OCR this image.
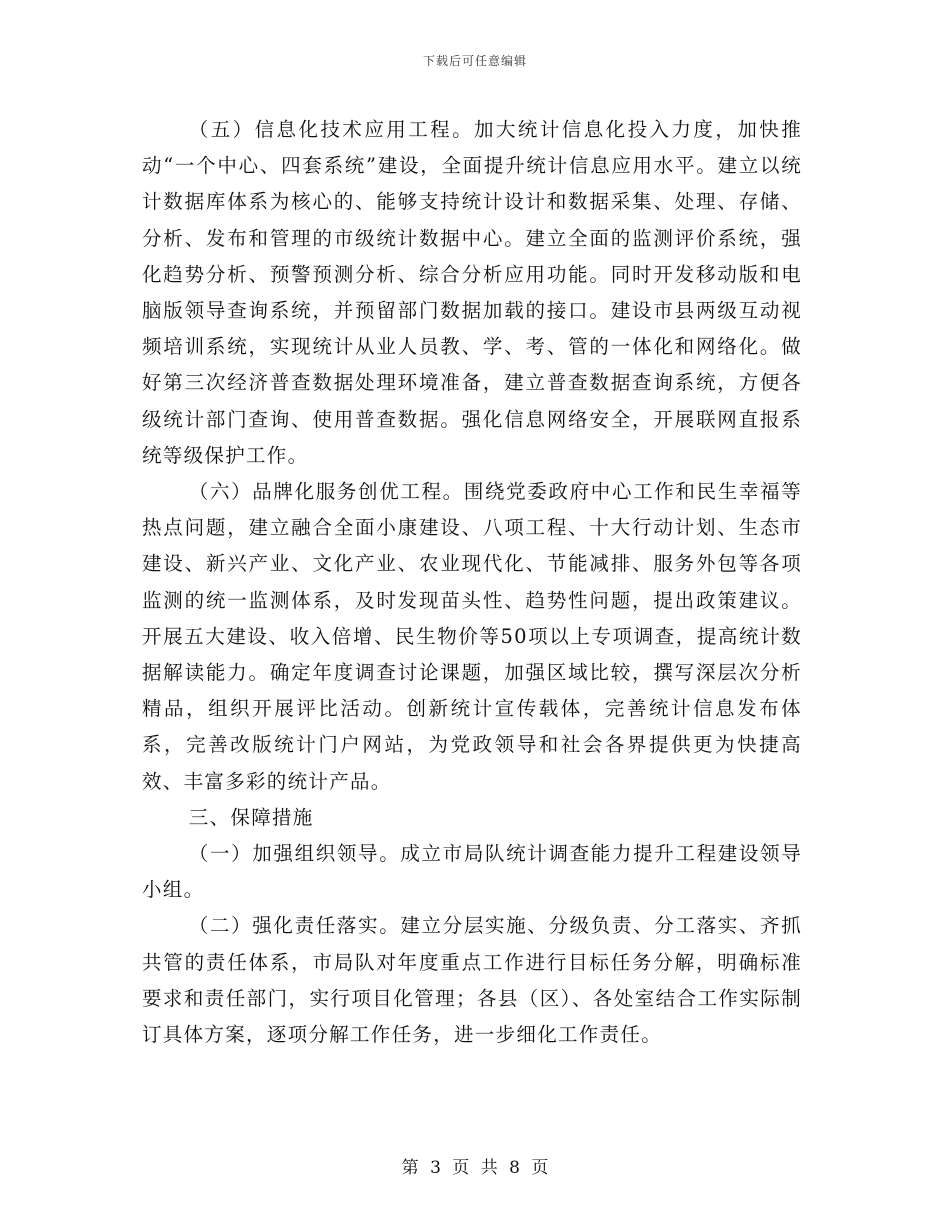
下载后可任意编辑

（五）信息化技术应用工程。加大统计信息化投入力度，加快推动“一个中心、四套系统”建设，全面提升统计信息应用水平。建立以统计数据库体系为核心的、能够支持统计设计和数据采集、处理、存储、分析、发布和管理的市级统计数据中心。建立全面的监测评价系统，强化趋势分析、预警预测分析、综合分析应用功能。同时开发移动版和电脑版领导查询系统，并预留部门数据加载的接口。建设市县两级互动视频培训系统，实现统计从业人员教、学、考、管的一体化和网络化。做好第三次经济普查数据处理环境准备，建立普查数据查询系统，方便各级统计部门查询、使用普查数据。强化信息网络安全，开展联网直报系统等级保护工作。

（六）品牌化服务创优工程。围绕党委政府中心工作和民生幸福等热点问题，建立融合全面小康建设、八项工程、十大行动计划、生态市建设、新兴产业、文化产业、农业现代化、节能减排、服务外包等各项监测的统一监测体系，及时发现苗头性、趋势性问题，提出政策建议。开展五大建设、收入倍增、民生物价等50项以上专项调查，提高统计数据解读能力。确定年度调查讨论课题，加强区域比较，撰写深层次分析精品，组织开展评比活动。创新统计宣传载体，完善统计信息发布体系，完善改版统计门户网站，为党政领导和社会各界提供更为快捷高效、丰富多彩的统计产品。

三、保障措施

（一）加强组织领导。成立市局队统计调查能力提升工程建设领导小组。

（二）强化责任落实。建立分层实施、分级负责、分工落实、齐抓共管的责任体系，市局队对年度重点工作进行目标任务分解，明确标准要求和责任部门，实行项目化管理；各县（区）、各处室结合工作实际制订具体方案，逐项分解工作任务，进一步细化工作责任。

第 3 页 共 8 页
